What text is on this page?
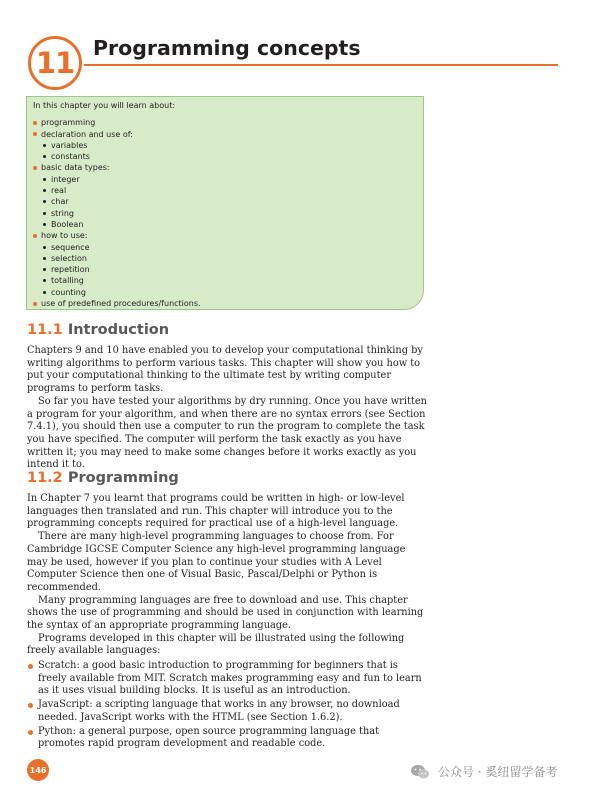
11 Programming concepts
In this chapter you will learn about:
programming
declaration and use of:
variables
constants
basic data types:
integer
real
char
string
Boolean
how to use:
sequence
selection
repetition
totalling
counting
use of predefined procedures/functions.
11.1 Introduction

Chapters 9 and 10 have enabled you to develop your computational thinking by writing algorithms to perform various tasks. This chapter will show you how to put your computational thinking to the ultimate test by writing computer programs to perform tasks.

So far you have tested your algorithms by dry running. Once you have written a program for your algorithm, and when there are no syntax errors (see Section 7.4.1), you should then use a computer to run the program to complete the task you have specified. The computer will perform the task exactly as you have written it; you may need to make some changes before it works exactly as you intend it to.

11.2 Programming

In Chapter 7 you learnt that programs could be written in high- or low-level languages then translated and run. This chapter will introduce you to the programming concepts required for practical use of a high-level language.

There are many high-level programming languages to choose from. For Cambridge IGCSE Computer Science any high-level programming language may be used, however if you plan to continue your studies with A Level Computer Science then one of Visual Basic, Pascal/Delphi or Python is recommended.

Many programming languages are free to download and use. This chapter shows the use of programming and should be used in conjunction with learning the syntax of an appropriate programming language.

Programs developed in this chapter will be illustrated using the following freely available languages:

Scratch: a good basic introduction to programming for beginners that is freely available from MIT. Scratch makes programming easy and fun to learn as it uses visual building blocks. It is useful as an introduction.
JavaScript: a scripting language that works in any browser, no download needed. JavaScript works with the HTML (see Section 1.6.2).
Python: a general purpose, open source programming language that promotes rapid program development and readable code.
146	公众号 · 奚纽留学备考
